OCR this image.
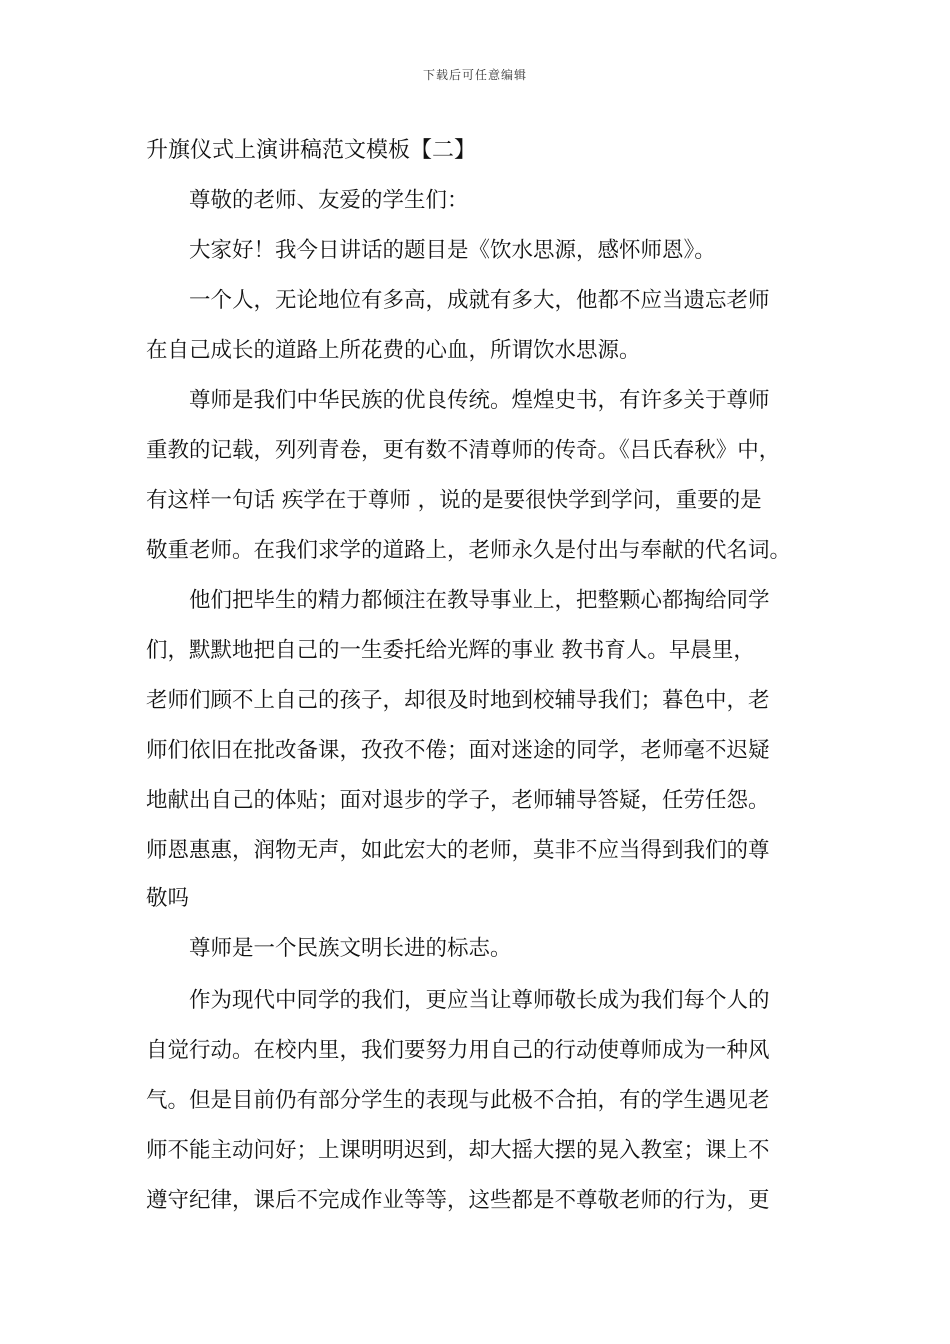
下载后可任意编辑
升旗仪式上演讲稿范文模板【二】
尊敬的老师、友爱的学生们：
大家好！我今日讲话的题目是《饮水思源，感怀师恩》。
一个人，无论地位有多高，成就有多大，他都不应当遗忘老师
在自己成长的道路上所花费的心血，所谓饮水思源。
尊师是我们中华民族的优良传统。煌煌史书，有许多关于尊师
重教的记载，列列青卷，更有数不清尊师的传奇。《吕氏春秋》中，
有这样一句话 疾学在于尊师 ，说的是要很快学到学问，重要的是
敬重老师。在我们求学的道路上，老师永久是付出与奉献的代名词。
他们把毕生的精力都倾注在教导事业上，把整颗心都掏给同学
们，默默地把自己的一生委托给光辉的事业 教书育人。早晨里，
老师们顾不上自己的孩子，却很及时地到校辅导我们；暮色中，老
师们依旧在批改备课，孜孜不倦；面对迷途的同学，老师毫不迟疑
地献出自己的体贴；面对退步的学子，老师辅导答疑，任劳任怨。
师恩惠惠，润物无声，如此宏大的老师，莫非不应当得到我们的尊
敬吗
尊师是一个民族文明长进的标志。
作为现代中同学的我们，更应当让尊师敬长成为我们每个人的
自觉行动。在校内里，我们要努力用自己的行动使尊师成为一种风
气。但是目前仍有部分学生的表现与此极不合拍，有的学生遇见老
师不能主动问好；上课明明迟到，却大摇大摆的晃入教室；课上不
遵守纪律，课后不完成作业等等，这些都是不尊敬老师的行为，更
